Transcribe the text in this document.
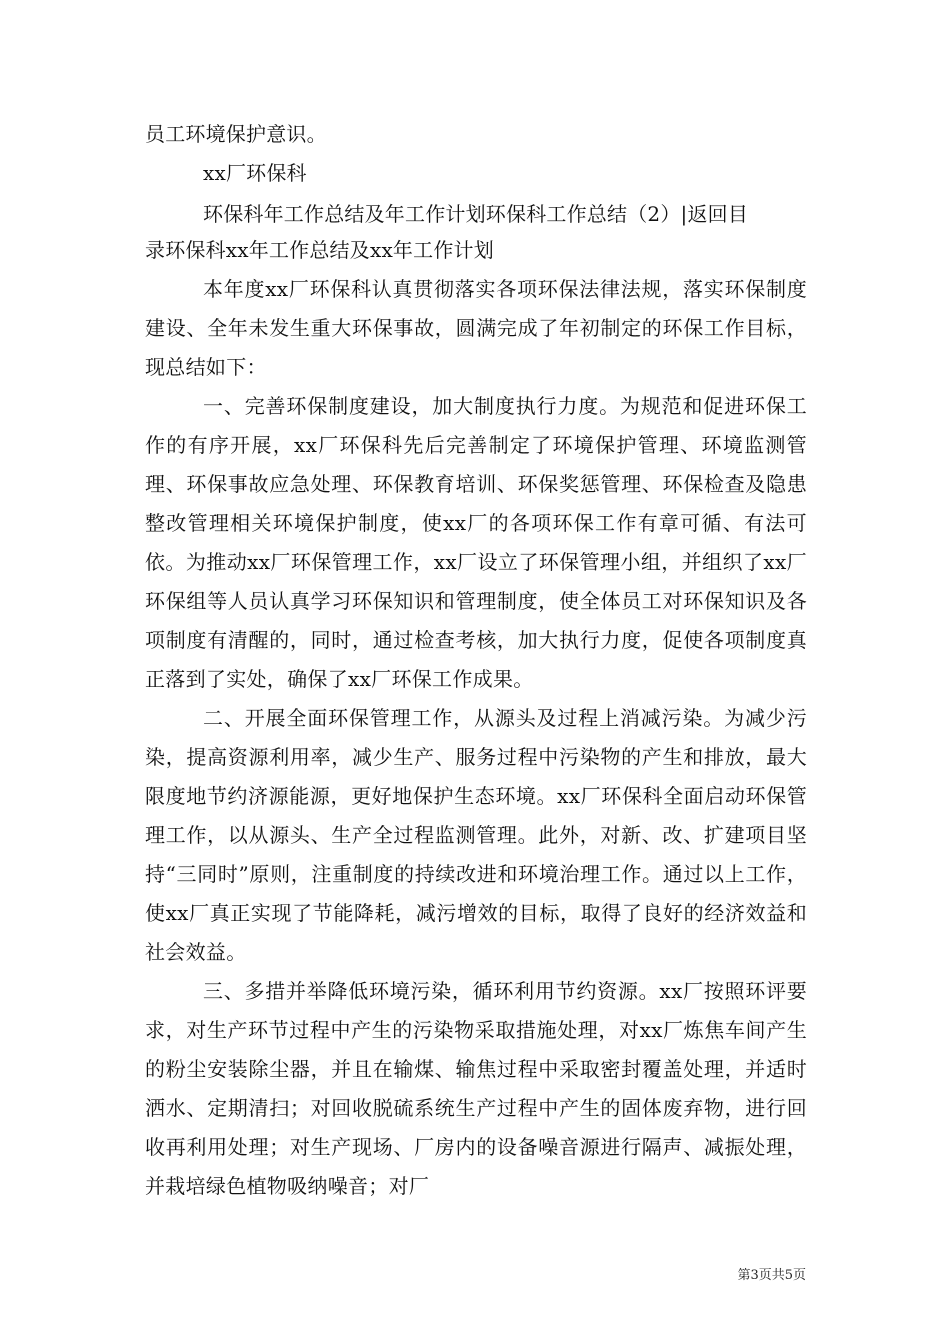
员工环境保护意识。
xx厂环保科
环保科年工作总结及年工作计划环保科工作总结（2）|返回目
录环保科xx年工作总结及xx年工作计划

本年度xx厂环保科认真贯彻落实各项环保法律法规，落实环保制度建设、全年未发生重大环保事故，圆满完成了年初制定的环保工作目标，现总结如下：

一、完善环保制度建设，加大制度执行力度。为规范和促进环保工作的有序开展，xx厂环保科先后完善制定了环境保护管理、环境监测管理、环保事故应急处理、环保教育培训、环保奖惩管理、环保检查及隐患整改管理相关环境保护制度，使xx厂的各项环保工作有章可循、有法可依。为推动xx厂环保管理工作，xx厂设立了环保管理小组，并组织了xx厂环保组等人员认真学习环保知识和管理制度，使全体员工对环保知识及各项制度有清醒的，同时，通过检查考核，加大执行力度，促使各项制度真正落到了实处，确保了xx厂环保工作成果。

二、开展全面环保管理工作，从源头及过程上消减污染。为减少污染，提高资源利用率，减少生产、服务过程中污染物的产生和排放，最大限度地节约济源能源，更好地保护生态环境。xx厂环保科全面启动环保管理工作，以从源头、生产全过程监测管理。此外，对新、改、扩建项目坚持“三同时”原则，注重制度的持续改进和环境治理工作。通过以上工作，使xx厂真正实现了节能降耗，减污增效的目标，取得了良好的经济效益和社会效益。

三、多措并举降低环境污染，循环利用节约资源。xx厂按照环评要求，对生产环节过程中产生的污染物采取措施处理，对xx厂炼焦车间产生的粉尘安装除尘器，并且在输煤、输焦过程中采取密封覆盖处理，并适时洒水、定期清扫；对回收脱硫系统生产过程中产生的固体废弃物，进行回收再利用处理；对生产现场、厂房内的设备噪音源进行隔声、减振处理，并栽培绿色植物吸纳噪音；对厂

第3页共5页
